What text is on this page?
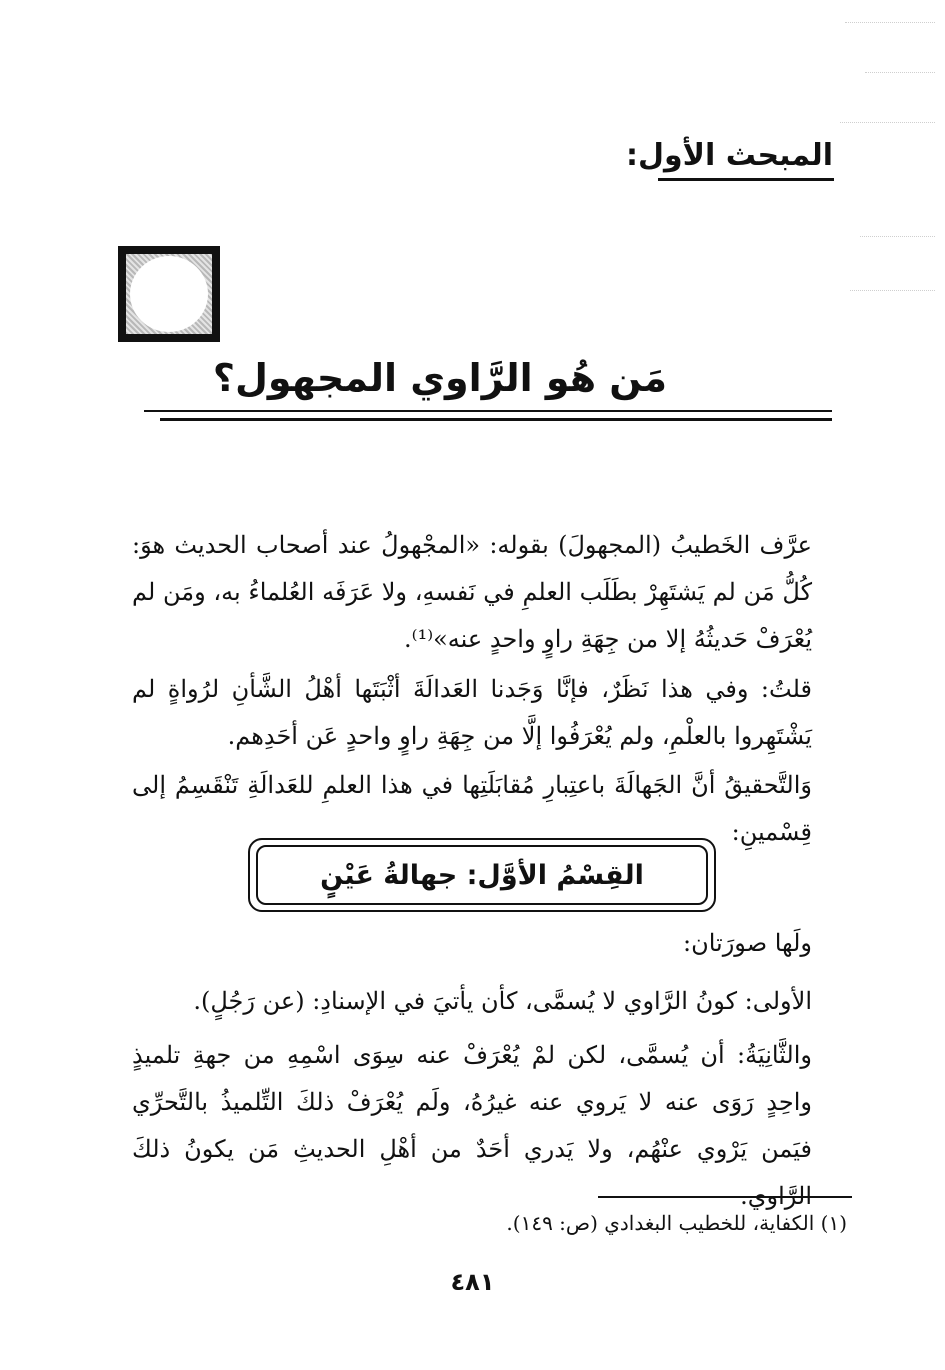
المبحث الأول:
مَن هُو الرَّاوي المجهول؟

عرَّف الخَطيبُ (المجهولَ) بقوله: «المجْهولُ عند أصحاب الحديث هوَ: كُلُّ مَن لم يَشتَهِرْ بطَلَب العلمِ في نَفسهِ، ولا عَرَفَه العُلماءُ به، ومَن لم يُعْرَفْ حَديثُهُ إلا من جِهَةِ راوٍ واحدٍ عنه»⁽¹⁾.

قلتُ: وفي هذا نَظَرٌ، فإنَّا وَجَدنا العَدالَةَ أثْبَتَها أهْلُ الشَّأنِ لرُواةٍ لم يَشْتَهِروا بالعلْمِ، ولم يُعْرَفُوا إلَّا من جِهَةِ راوٍ واحدٍ عَن أحَدِهم.

وَالتَّحقيقُ أنَّ الجَهالَةَ باعتِبارِ مُقابَلَتِها في هذا العلمِ للعَدالَةِ تَنْقَسِمُ إلى قِسْمينِ:

القِسْمُ الأوَّل: جهالةُ عَيْنٍ

ولَها صورَتان:

الأولى: كونُ الرَّاوي لا يُسمَّى، كأن يأتيَ في الإسنادِ: (عن رَجُلٍ).

والثَّانِيَةُ: أن يُسمَّى، لكن لمْ يُعْرَفْ عنه سِوَى اسْمِهِ من جهةِ تلميذٍ واحِدٍ رَوَى عنه لا يَروي عنه غيرُهُ، ولَم يُعْرَفْ ذلكَ التِّلميذُ بالتَّحرِّي فيَمن يَرْوي عنْهُم، ولا يَدري أحَدٌ من أهْلِ الحديثِ مَن يكونُ ذلكَ الرَّاوي.

(١) الكفاية، للخطيب البغدادي (ص: ١٤٩).
٤٨١
